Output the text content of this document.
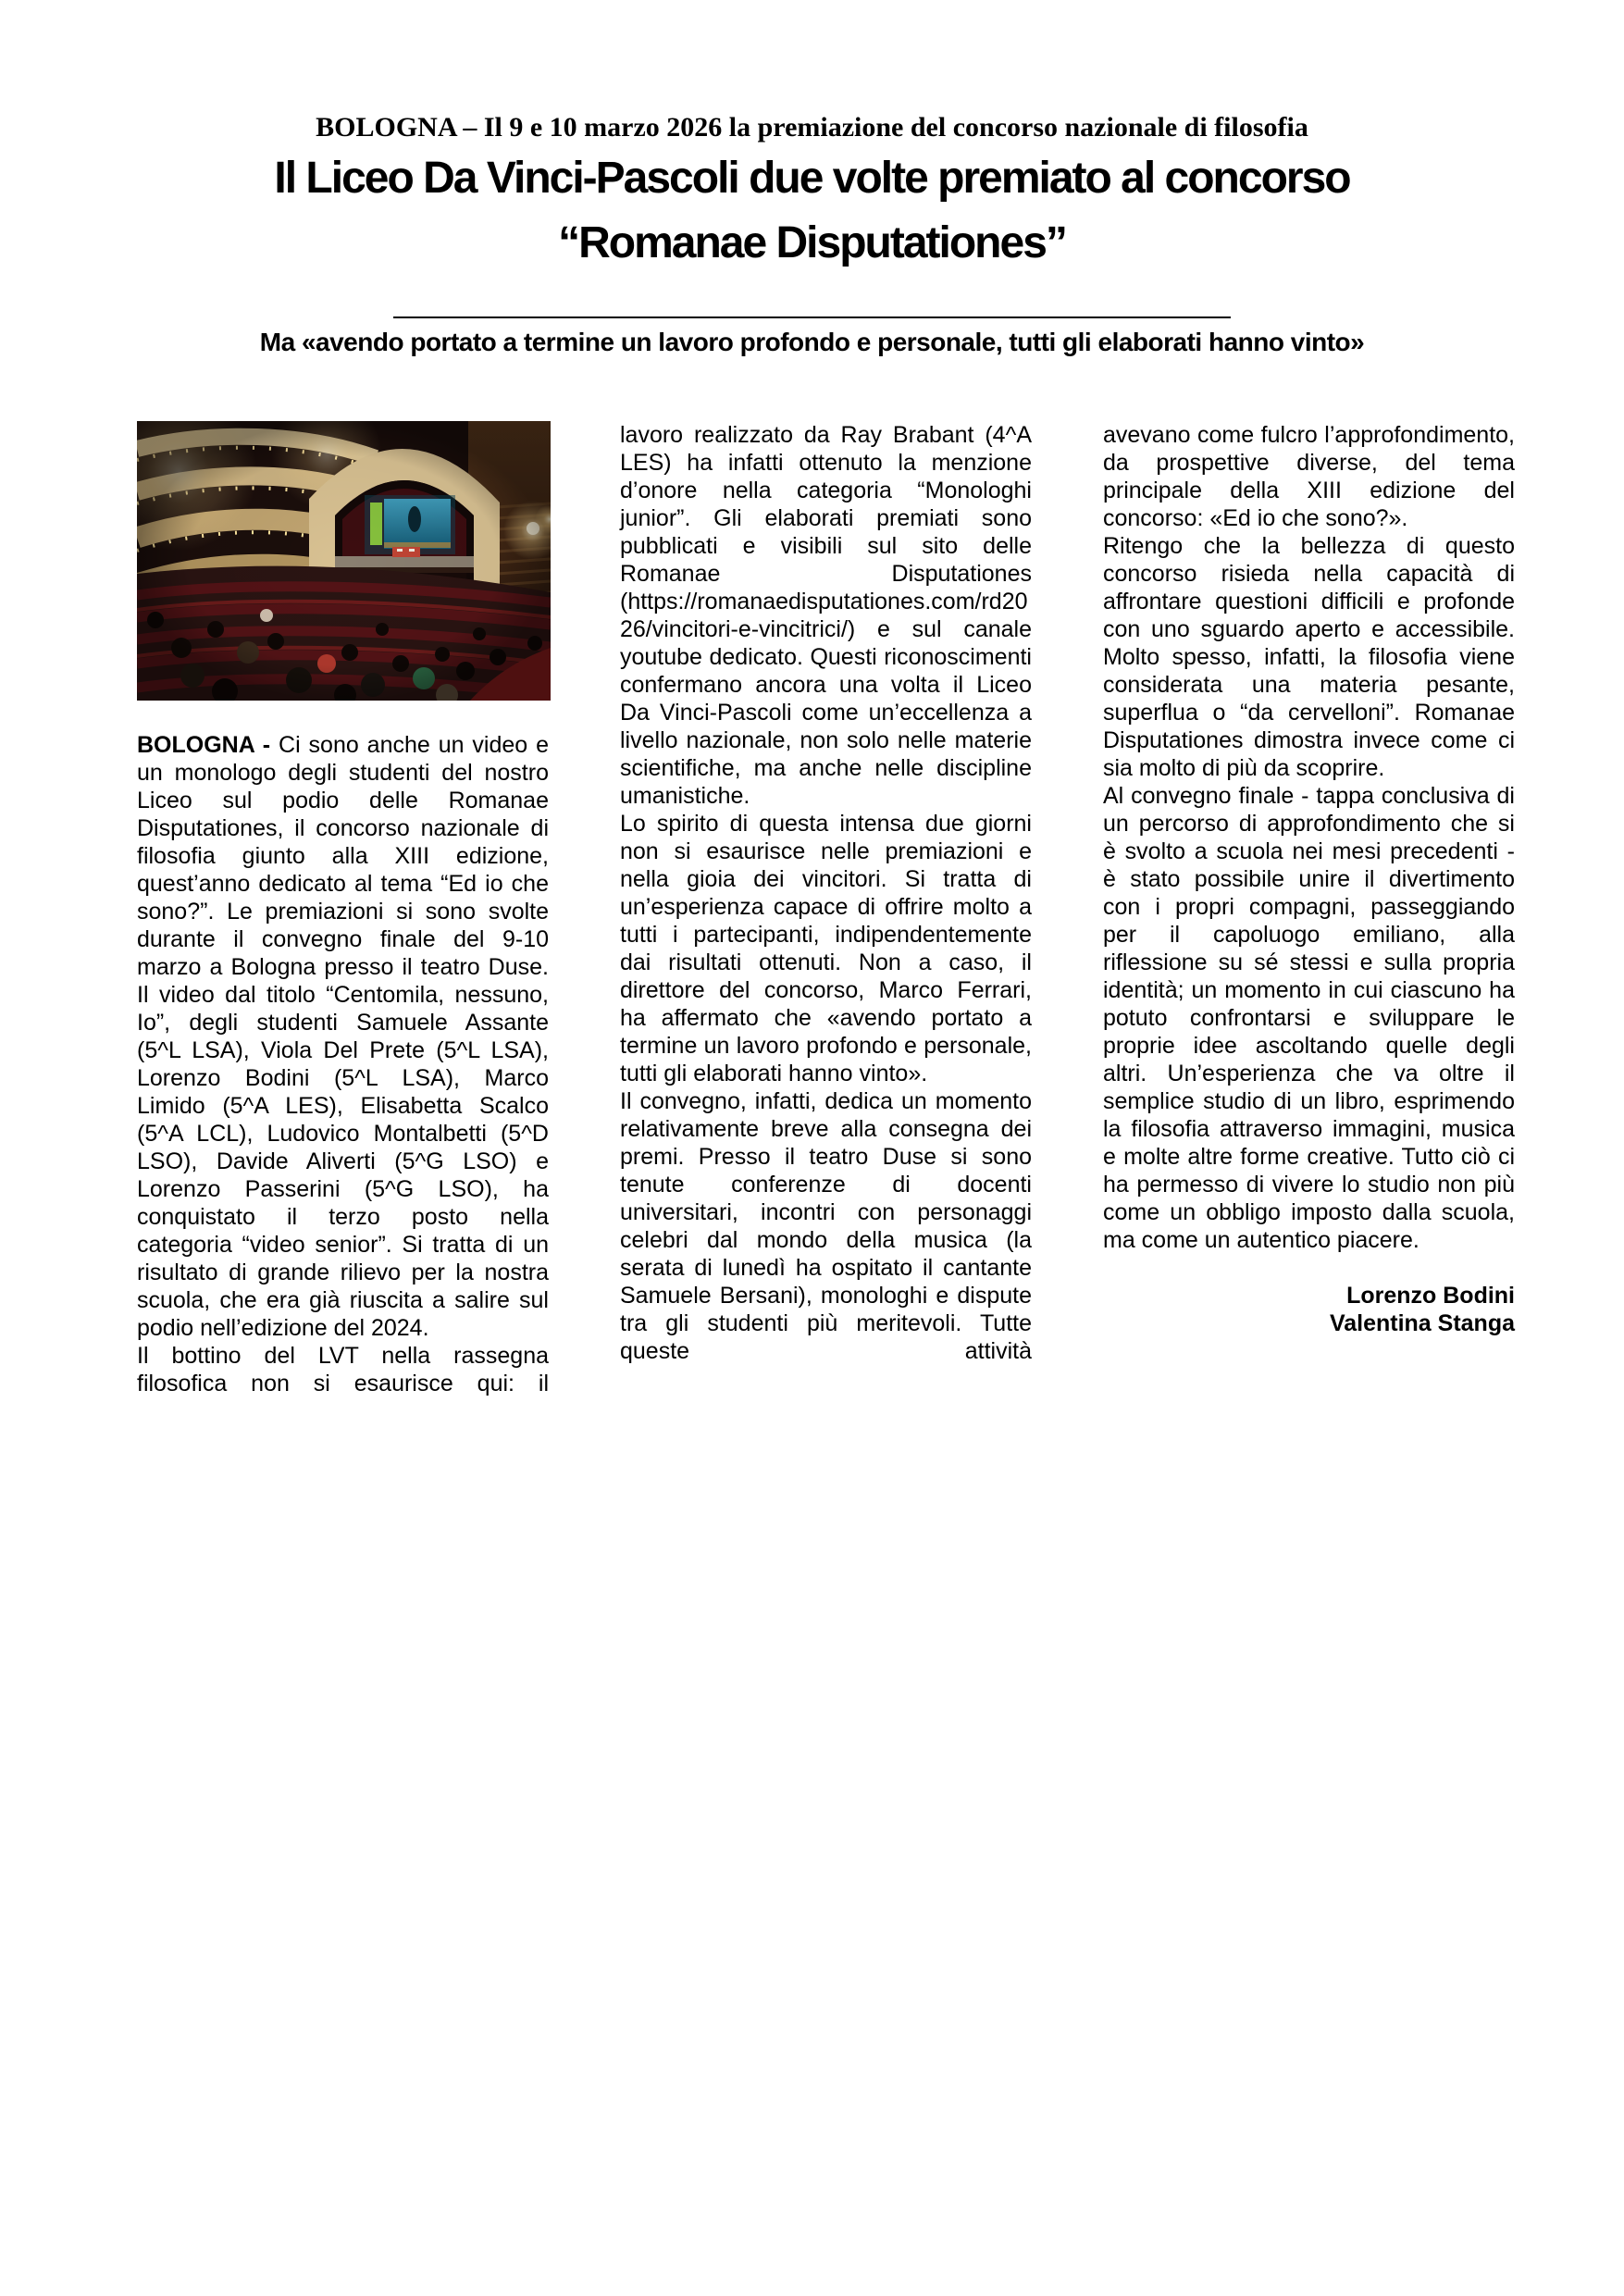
BOLOGNA – Il 9 e 10 marzo 2026 la premiazione del concorso nazionale di filosofia
Il Liceo Da Vinci-Pascoli due volte premiato al concorso
“Romanae Disputationes”
Ma «avendo portato a termine un lavoro profondo e personale, tutti gli elaborati hanno vinto»

BOLOGNA - Ci sono anche un video e un monologo degli studenti del nostro Liceo sul podio delle Romanae Disputationes, il concorso nazionale di filosofia giunto alla XIII edizione, quest’anno dedicato al tema “Ed io che sono?”. Le premiazioni si sono svolte durante il convegno finale del 9-10 marzo a Bologna presso il teatro Duse. Il video dal titolo “Centomila, nessuno, Io”, degli studenti Samuele Assante (5^L LSA), Viola Del Prete (5^L LSA), Lorenzo Bodini (5^L LSA), Marco Limido (5^A LES), Elisabetta Scalco (5^A LCL), Ludovico Montalbetti (5^D LSO), Davide Aliverti (5^G LSO) e Lorenzo Passerini (5^G LSO), ha conquistato il terzo posto nella categoria “video senior”. Si tratta di un risultato di grande rilievo per la nostra scuola, che era già riuscita a salire sul podio nell’edizione del 2024.

Il bottino del LVT nella rassegna filosofica non si esaurisce qui: il

lavoro realizzato da Ray Brabant (4^A LES) ha infatti ottenuto la menzione d’onore nella categoria “Monologhi junior”. Gli elaborati premiati sono pubblicati e visibili sul sito delle Romanae Disputationes (https://romanaedisputationes.com/rd2026/vincitori-e-vincitrici/) e sul canale youtube dedicato. Questi riconoscimenti confermano ancora una volta il Liceo Da Vinci-Pascoli come un’eccellenza a livello nazionale, non solo nelle materie scientifiche, ma anche nelle discipline umanistiche.

Lo spirito di questa intensa due giorni non si esaurisce nelle premiazioni e nella gioia dei vincitori. Si tratta di un’esperienza capace di offrire molto a tutti i partecipanti, indipendentemente dai risultati ottenuti. Non a caso, il direttore del concorso, Marco Ferrari, ha affermato che «avendo portato a termine un lavoro profondo e personale, tutti gli elaborati hanno vinto».

Il convegno, infatti, dedica un momento relativamente breve alla consegna dei premi. Presso il teatro Duse si sono tenute conferenze di docenti universitari, incontri con personaggi celebri dal mondo della musica (la serata di lunedì ha ospitato il cantante Samuele Bersani), monologhi e dispute tra gli studenti più meritevoli. Tutte queste attività

avevano come fulcro l’approfondimento, da prospettive diverse, del tema principale della XIII edizione del concorso: «Ed io che sono?».

Ritengo che la bellezza di questo concorso risieda nella capacità di affrontare questioni difficili e profonde con uno sguardo aperto e accessibile. Molto spesso, infatti, la filosofia viene considerata una materia pesante, superflua o “da cervelloni”. Romanae Disputationes dimostra invece come ci sia molto di più da scoprire.

Al convegno finale - tappa conclusiva di un percorso di approfondimento che si è svolto a scuola nei mesi precedenti - è stato possibile unire il divertimento con i propri compagni, passeggiando per il capoluogo emiliano, alla riflessione su sé stessi e sulla propria identità; un momento in cui ciascuno ha potuto confrontarsi e sviluppare le proprie idee ascoltando quelle degli altri. Un’esperienza che va oltre il semplice studio di un libro, esprimendo la filosofia attraverso immagini, musica e molte altre forme creative. Tutto ciò ci ha permesso di vivere lo studio non più come un obbligo imposto dalla scuola, ma come un autentico piacere.

Lorenzo Bodini
Valentina Stanga
